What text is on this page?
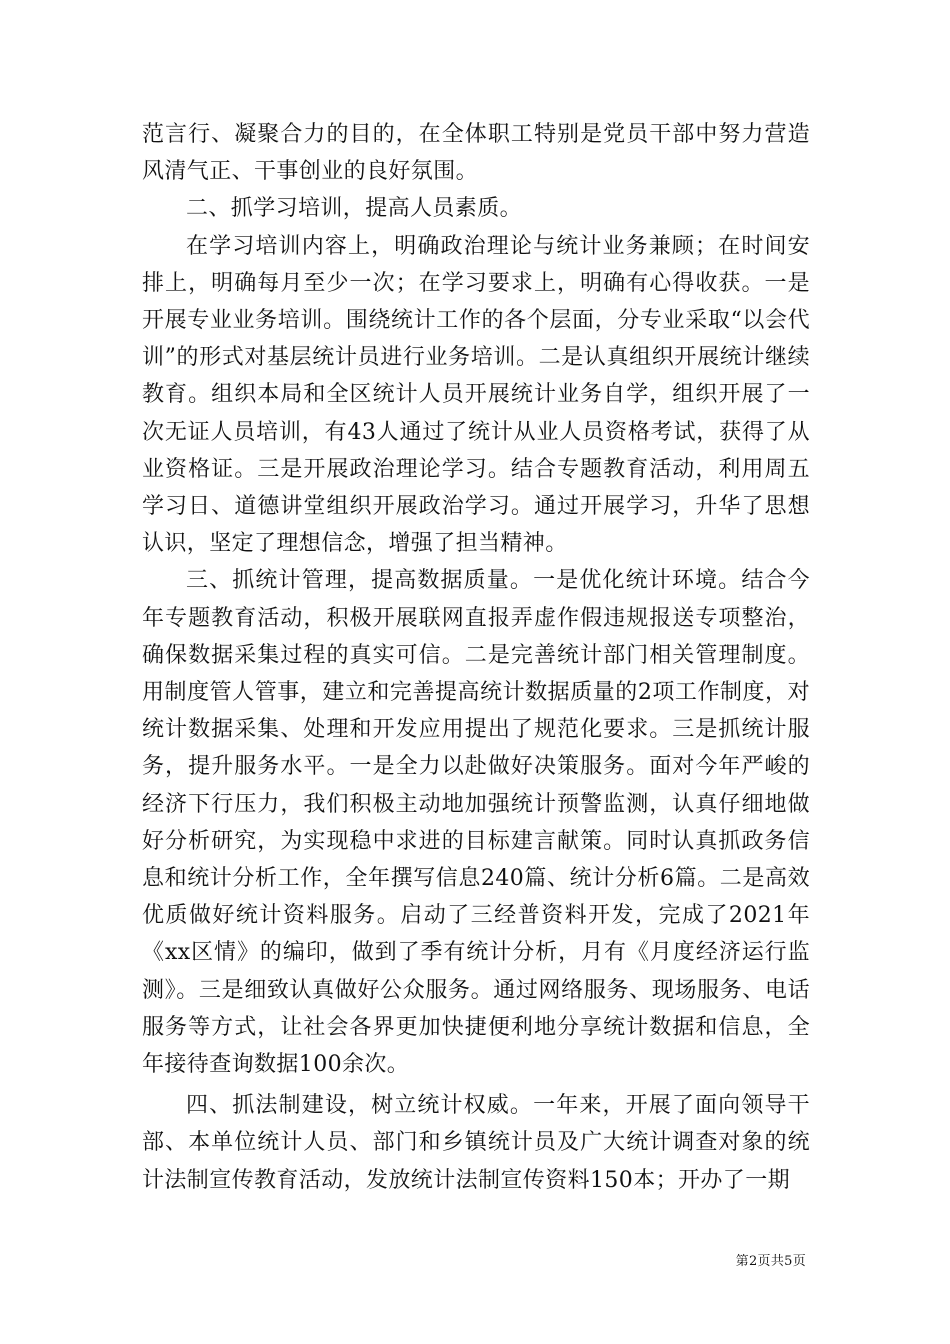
范言行、凝聚合力的目的，在全体职工特别是党员干部中努力营造风清气正、干事创业的良好氛围。

二、抓学习培训，提高人员素质。

在学习培训内容上，明确政治理论与统计业务兼顾；在时间安排上，明确每月至少一次；在学习要求上，明确有心得收获。一是开展专业业务培训。围绕统计工作的各个层面，分专业采取“以会代训”的形式对基层统计员进行业务培训。二是认真组织开展统计继续教育。组织本局和全区统计人员开展统计业务自学，组织开展了一次无证人员培训，有43人通过了统计从业人员资格考试，获得了从业资格证。三是开展政治理论学习。结合专题教育活动，利用周五学习日、道德讲堂组织开展政治学习。通过开展学习，升华了思想认识，坚定了理想信念，增强了担当精神。

三、抓统计管理，提高数据质量。一是优化统计环境。结合今年专题教育活动，积极开展联网直报弄虚作假违规报送专项整治，确保数据采集过程的真实可信。二是完善统计部门相关管理制度。用制度管人管事，建立和完善提高统计数据质量的2项工作制度，对统计数据采集、处理和开发应用提出了规范化要求。三是抓统计服务，提升服务水平。一是全力以赴做好决策服务。面对今年严峻的经济下行压力，我们积极主动地加强统计预警监测，认真仔细地做好分析研究，为实现稳中求进的目标建言献策。同时认真抓政务信息和统计分析工作，全年撰写信息240篇、统计分析6篇。二是高效优质做好统计资料服务。启动了三经普资料开发，完成了2021年《xx区情》的编印，做到了季有统计分析，月有《月度经济运行监测》。三是细致认真做好公众服务。通过网络服务、现场服务、电话服务等方式，让社会各界更加快捷便利地分享统计数据和信息，全年接待查询数据100余次。

四、抓法制建设，树立统计权威。一年来，开展了面向领导干部、本单位统计人员、部门和乡镇统计员及广大统计调查对象的统计法制宣传教育活动，发放统计法制宣传资料150本；开办了一期

第2页共5页
